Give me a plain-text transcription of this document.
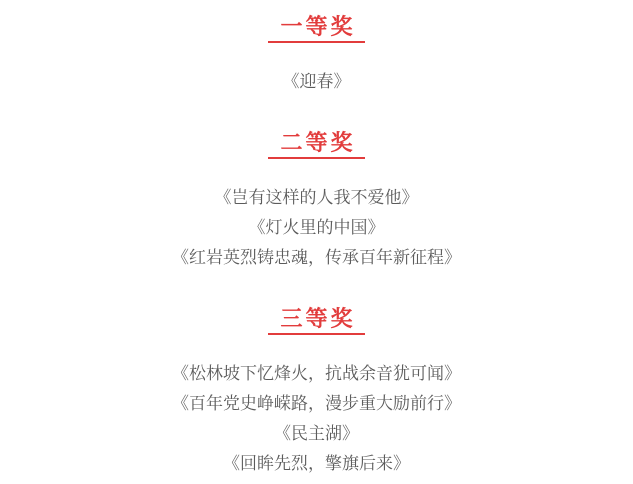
一等奖

《迎春》

二等奖

《岂有这样的人我不爱他》

《灯火里的中国》

《红岩英烈铸忠魂，传承百年新征程》

三等奖

《松林坡下忆烽火，抗战余音犹可闻》

《百年党史峥嵘路，漫步重大励前行》

《民主湖》

《回眸先烈，擎旗后来》
